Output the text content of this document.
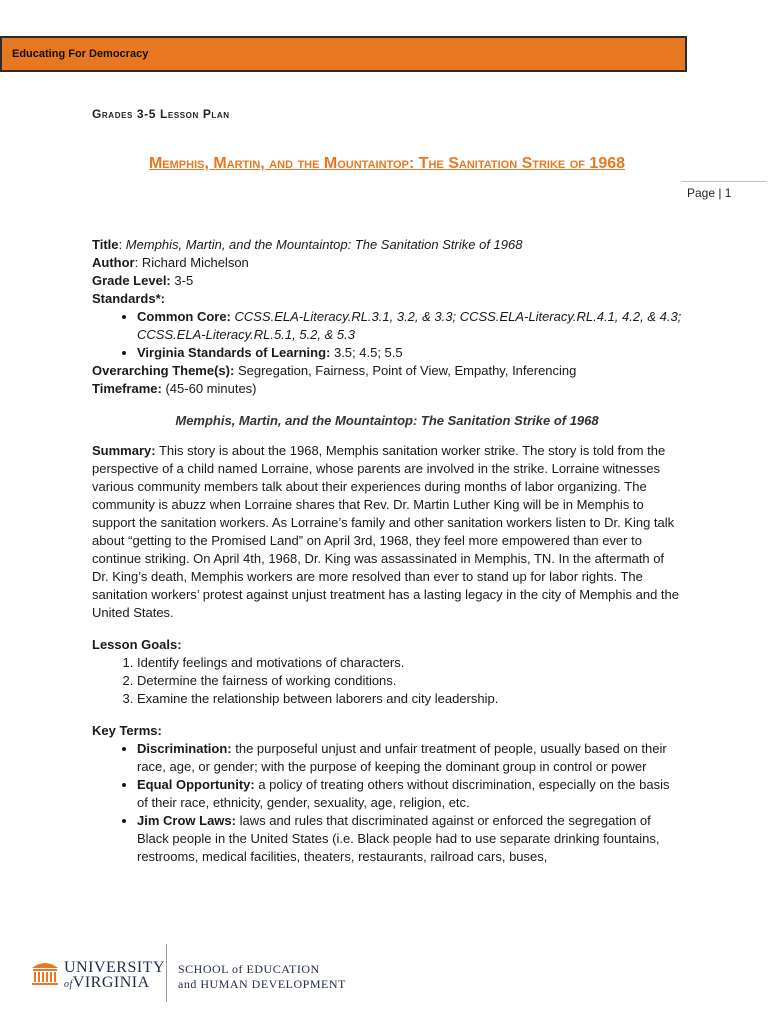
Educating For Democracy
Grades 3-5 Lesson Plan
Memphis, Martin, and the Mountaintop: The Sanitation Strike of 1968
Page | 1

Title: Memphis, Martin, and the Mountaintop: The Sanitation Strike of 1968

Author: Richard Michelson

Grade Level: 3-5

Standards*:

• Common Core: CCSS.ELA-Literacy.RL.3.1, 3.2, & 3.3; CCSS.ELA-Literacy.RL.4.1, 4.2, & 4.3; CCSS.ELA-Literacy.RL.5.1, 5.2, & 5.3
• Virginia Standards of Learning: 3.5; 4.5; 5.5

Overarching Theme(s): Segregation, Fairness, Point of View, Empathy, Inferencing

Timeframe: (45-60 minutes)

Memphis, Martin, and the Mountaintop: The Sanitation Strike of 1968

Summary: This story is about the 1968, Memphis sanitation worker strike. The story is told from the perspective of a child named Lorraine, whose parents are involved in the strike. Lorraine witnesses various community members talk about their experiences during months of labor organizing. The community is abuzz when Lorraine shares that Rev. Dr. Martin Luther King will be in Memphis to support the sanitation workers. As Lorraine’s family and other sanitation workers listen to Dr. King talk about “getting to the Promised Land” on April 3rd, 1968, they feel more empowered than ever to continue striking. On April 4th, 1968, Dr. King was assassinated in Memphis, TN. In the aftermath of Dr. King’s death, Memphis workers are more resolved than ever to stand up for labor rights. The sanitation workers’ protest against unjust treatment has a lasting legacy in the city of Memphis and the United States.

Lesson Goals:

1. Identify feelings and motivations of characters.
2. Determine the fairness of working conditions.
3. Examine the relationship between laborers and city leadership.

Key Terms:

• Discrimination: the purposeful unjust and unfair treatment of people, usually based on their race, age, or gender; with the purpose of keeping the dominant group in control or power
• Equal Opportunity: a policy of treating others without discrimination, especially on the basis of their race, ethnicity, gender, sexuality, age, religion, etc.
• Jim Crow Laws: laws and rules that discriminated against or enforced the segregation of Black people in the United States (i.e. Black people had to use separate drinking fountains, restrooms, medical facilities, theaters, restaurants, railroad cars, buses,
UNIVERSITY
ofVIRGINIA
SCHOOL of EDUCATION
and HUMAN DEVELOPMENT
